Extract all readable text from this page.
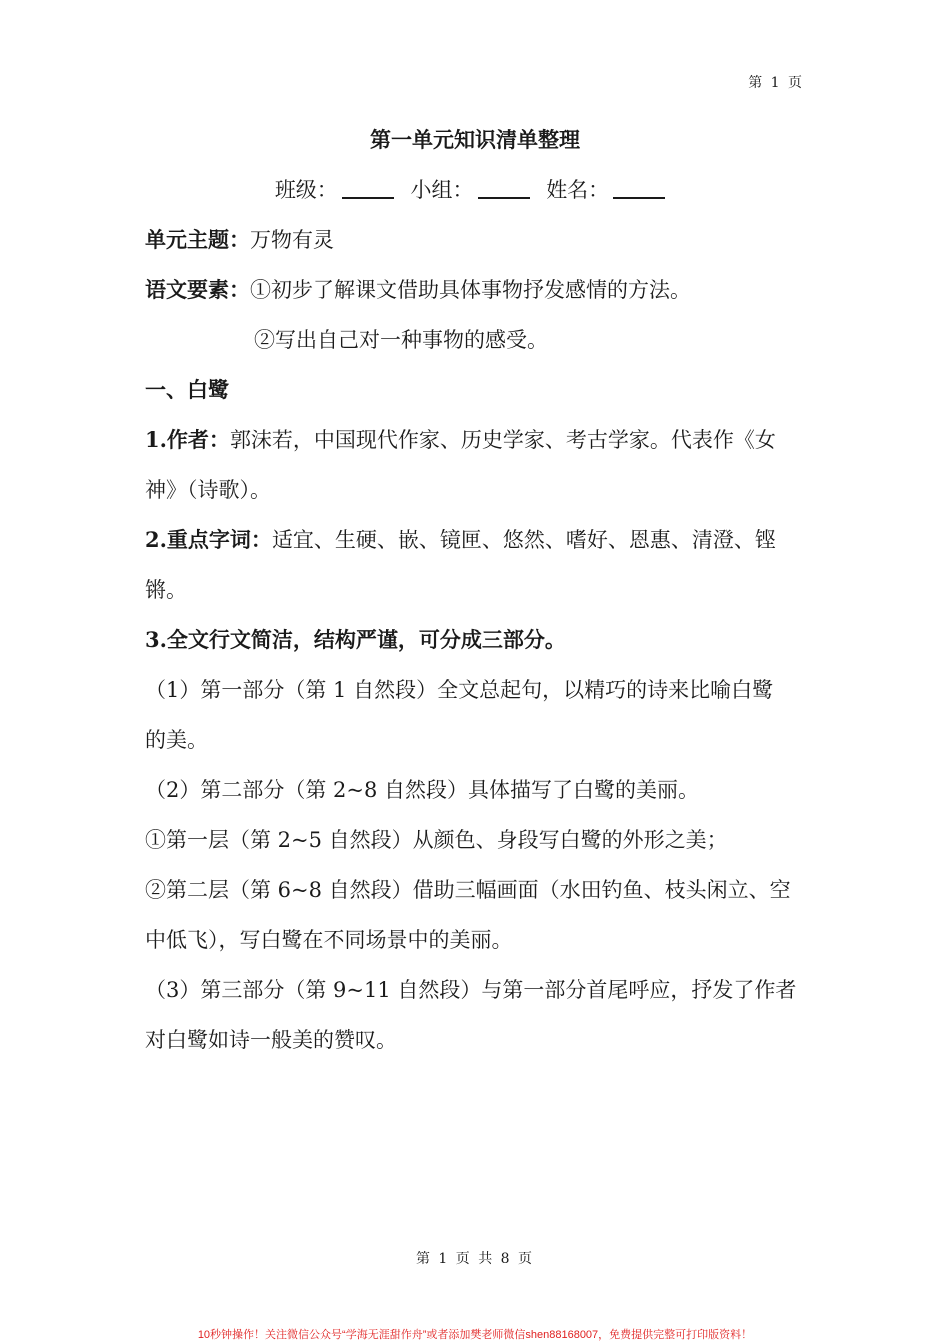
第 1 页
第一单元知识清单整理
班级：	小组：	姓名：
单元主题：万物有灵
语文要素：①初步了解课文借助具体事物抒发感情的方法。
②写出自己对一种事物的感受。
一、白鹭
1.作者：郭沫若，中国现代作家、历史学家、考古学家。代表作《女
神》（诗歌）。
2.重点字词：适宜、生硬、嵌、镜匣、悠然、嗜好、恩惠、清澄、铿
锵。
3.全文行文简洁，结构严谨，可分成三部分。
（1）第一部分（第 1 自然段）全文总起句，以精巧的诗来比喻白鹭
的美。
（2）第二部分（第 2~8 自然段）具体描写了白鹭的美丽。
①第一层（第 2~5 自然段）从颜色、身段写白鹭的外形之美；
②第二层（第 6~8 自然段）借助三幅画面（水田钓鱼、枝头闲立、空
中低飞），写白鹭在不同场景中的美丽。
（3）第三部分（第 9~11 自然段）与第一部分首尾呼应，抒发了作者
对白鹭如诗一般美的赞叹。
第 1 页 共 8 页
10秒钟操作！关注微信公众号“学海无涯甜作舟”或者添加樊老师微信shen88168007，免费提供完整可打印版资料！
